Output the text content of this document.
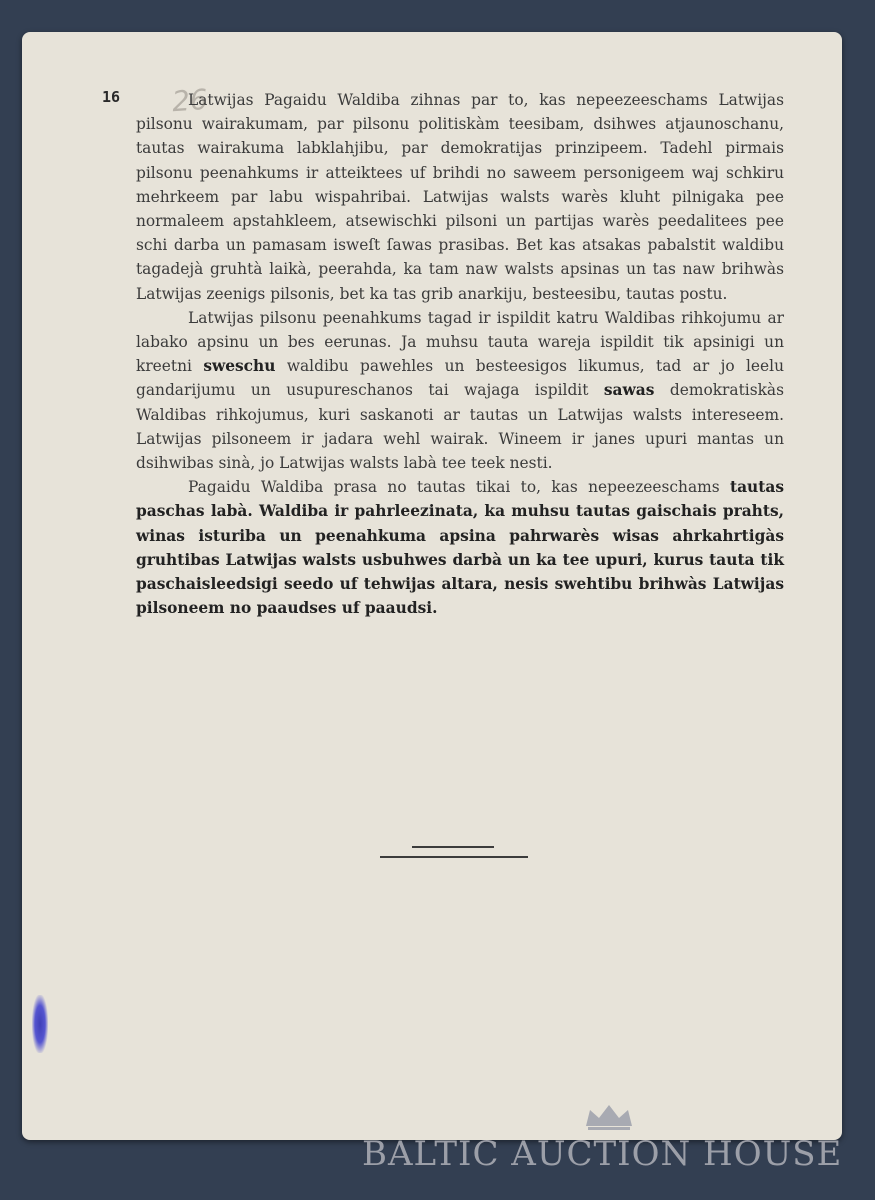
26
16	Latwijas Pagaidu Waldiba zihnas par to, kas nepeezeeschams Latwijas pilsonu wairakumam, par pilsonu politiskàm teesibam, dsihwes atjaunoschanu, tautas wairakuma labklahjibu, par demokratijas prinzipeem. Tadehl pirmais pilsonu peenahkums ir atteiktees uf brihdi no saweem personigeem waj schkiru mehrkeem par labu wispahribai. Latwijas walsts warès kluht pilnigaka pee normaleem apstahkleem, atsewischki pilsoni un partijas warès peedalitees pee schi darba un pamasam isweſt ſawas prasibas. Bet kas atsakas pabalstit waldibu tagadejà gruhtà laikà, peerahda, ka tam naw walsts apsinas un tas naw brihwàs Latwijas zeenigs pilsonis, bet ka tas grib anarkiju, besteesibu, tautas postu.

Latwijas pilsonu peenahkums tagad ir ispildit katru Waldibas rihkojumu ar labako apsinu un bes eerunas. Ja muhsu tauta wareja ispildit tik apsinigi un kreetni sweschu waldibu pawehles un besteesigos likumus, tad ar jo leelu gandarijumu un usupureschanos tai wajaga ispildit sawas demokratiskàs Waldibas rihkojumus, kuri saskanoti ar tautas un Latwijas walsts intereseem. Latwijas pilsoneem ir jadara wehl wairak. Wineem ir janes upuri mantas un dsihwibas sinà, jo Latwijas walsts labà tee teek nesti.

Pagaidu Waldiba prasa no tautas tikai to, kas nepeezeeschams tautas paschas labà. Waldiba ir pahrleezinata, ka muhsu tautas gaischais prahts, winas isturiba un peenahkuma apsina pahrwarès wisas ahrkahrtigàs gruhtibas Latwijas walsts usbuhwes darbà un ka tee upuri, kurus tauta tik paschaisleedsigi seedo uf tehwijas altara, nesis swehtibu brihwàs Latwijas pilsoneem no paaudses uf paaudsi.

BALTIC AUCTION HOUSE
